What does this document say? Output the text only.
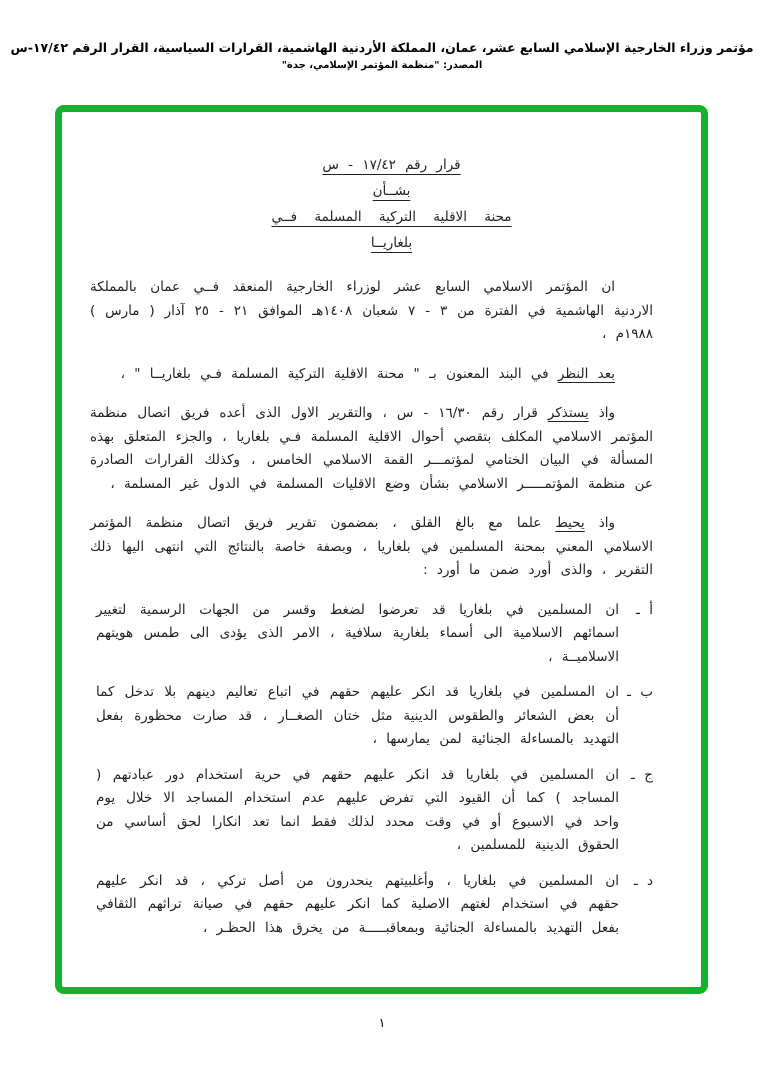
مؤتمر وزراء الخارجية الإسلامي السابع عشر، عمان، المملكة الأردنية الهاشمية، القرارات السياسية، القرار الرقم ١٧/٤٢-س
المصدر: "منظمة المؤتمر الإسلامي، جدة"
قرار رقم ١٧/٤٢ - س
بشــأن
محنة الاقلية التركية المسلمة فــي
بلغاريــا

ان المؤتمر الاسلامي السابع عشر لوزراء الخارجية المنعقد فــي عمان بالمملكة الاردنية الهاشمية في الفترة من ٣ - ٧ شعبان ١٤٠٨هـ الموافق ٢١ - ٢٥ آذار ( مارس ) ١٩٨٨م ،

بعد النظر في البند المعنون بـ " محنة الاقلية التركية المسلمة فـي بلغاريــا " ،

واذ يستذكر قرار رقم ١٦/٣٠ - س ، والتقرير الاول الذى أعده فريق اتصال منظمة المؤتمر الاسلامي المكلف بتقصي أحوال الاقلية المسلمة فـي بلغاريا ، والجزء المتعلق بهذه المسألة في البيان الختامي لمؤتمـــر القمة الاسلامي الخامس ، وكذلك القرارات الصادرة عن منظمة المؤتمـــــر الاسلامي بشأن وضع الاقليات المسلمة في الدول غير المسلمة ،

واذ يحيط علما مع بالغ القلق ، بمضمون تقرير فريق اتصال منظمة المؤتمر الاسلامي المعني بمحنة المسلمين في بلغاريا ، وبصفة خاصة بالنتائج التي انتهى اليها ذلك التقرير ، والذى أورد ضمن ما أورد :

أ ـ
ان المسلمين في بلغاريا قد تعرضوا لضغط وقسر من الجهات الرسمية لتغيير اسمائهم الاسلامية الى أسماء بلغارية سلافية ، الامر الذى يؤدى الى طمس هويتهم الاسلاميــة ،
ب ـ
ان المسلمين في بلغاريا قد انكر عليهم حقهم في اتباع تعاليم دينهم بلا تدخل كما أن بعض الشعائر والطقوس الدينية مثل ختان الصغــار ، قد صارت محظورة بفعل التهديد بالمساءلة الجنائية لمن يمارسها ،
ج ـ
ان المسلمين في بلغاريا قد انكر عليهم حقهم في حرية استخدام دور عبادتهم ( المساجد ) كما أن القيود التي تفرض عليهم عدم استخدام المساجد الا خلال يوم واحد في الاسبوع أو في وقت محدد لذلك فقط انما تعد انكارا لحق أساسي من الحقوق الدينية للمسلمين ،
د ـ
ان المسلمين في بلغاريا ، وأغلبيتهم ينحدرون من أصل تركي ، قد انكر عليهم حقهم في استخدام لغتهم الاصلية كما انكر عليهم حقهم في صيانة تراثهم الثقافي بفعل التهديد بالمساءلة الجنائية وبمعاقبـــــة من يخرق هذا الحظـر ،
١
